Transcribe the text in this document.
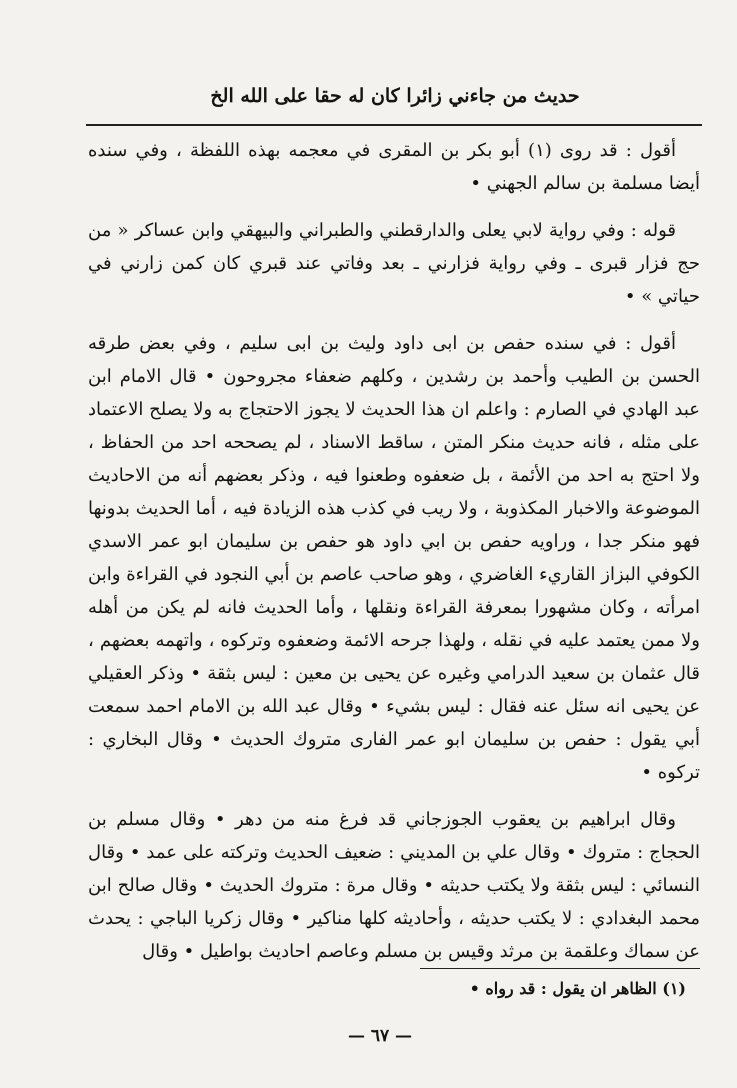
حديث من جاءني زائرا كان له حقا على الله الخ

أقول : قد روى (١) أبو بكر بن المقرى في معجمه بهذه اللفظة ، وفي سنده أيضا مسلمة بن سالم الجهني •

قوله : وفي رواية لابي يعلى والدارقطني والطبراني والبيهقي وابن عساكر « من حج فزار قبرى ـ وفي رواية فزارني ـ بعد وفاتي عند قبري كان كمن زارني في حياتي » •

أقول : في سنده حفص بن ابى داود وليث بن ابى سليم ، وفي بعض طرقه الحسن بن الطيب وأحمد بن رشدين ، وكلهم ضعفاء مجروحون • قال الامام ابن عبد الهادي في الصارم : واعلم ان هذا الحديث لا يجوز الاحتجاج به ولا يصلح الاعتماد على مثله ، فانه حديث منكر المتن ، ساقط الاسناد ، لم يصححه احد من الحفاظ ، ولا احتج به احد من الأئمة ، بل ضعفوه وطعنوا فيه ، وذكر بعضهم أنه من الاحاديث الموضوعة والاخبار المكذوبة ، ولا ريب في كذب هذه الزيادة فيه ، أما الحديث بدونها فهو منكر جدا ، وراويه حفص بن ابي داود هو حفص بن سليمان ابو عمر الاسدي الكوفي البزاز القاريء الغاضري ، وهو صاحب عاصم بن أبي النجود في القراءة وابن امرأته ، وكان مشهورا بمعرفة القراءة ونقلها ، وأما الحديث فانه لم يكن من أهله ولا ممن يعتمد عليه في نقله ، ولهذا جرحه الائمة وضعفوه وتركوه ، واتهمه بعضهم ، قال عثمان بن سعيد الدرامي وغيره عن يحيى بن معين : ليس بثقة • وذكر العقيلي عن يحيى انه سئل عنه فقال : ليس بشيء • وقال عبد الله بن الامام احمد سمعت أبي يقول : حفص بن سليمان ابو عمر الفارى متروك الحديث • وقال البخاري : تركوه •

وقال ابراهيم بن يعقوب الجوزجاني قد فرغ منه من دهر • وقال مسلم بن الحجاج : متروك • وقال علي بن المديني : ضعيف الحديث وتركته على عمد • وقال النسائي : ليس بثقة ولا يكتب حديثه • وقال مرة : متروك الحديث • وقال صالح ابن محمد البغدادي : لا يكتب حديثه ، وأحاديثه كلها مناكير • وقال زكريا الباجي : يحدث عن سماك وعلقمة بن مرثد وقيس بن مسلم وعاصم احاديث بواطيل • وقال

(١) الظاهر ان يقول : قد رواه •
— ٦٧ —
